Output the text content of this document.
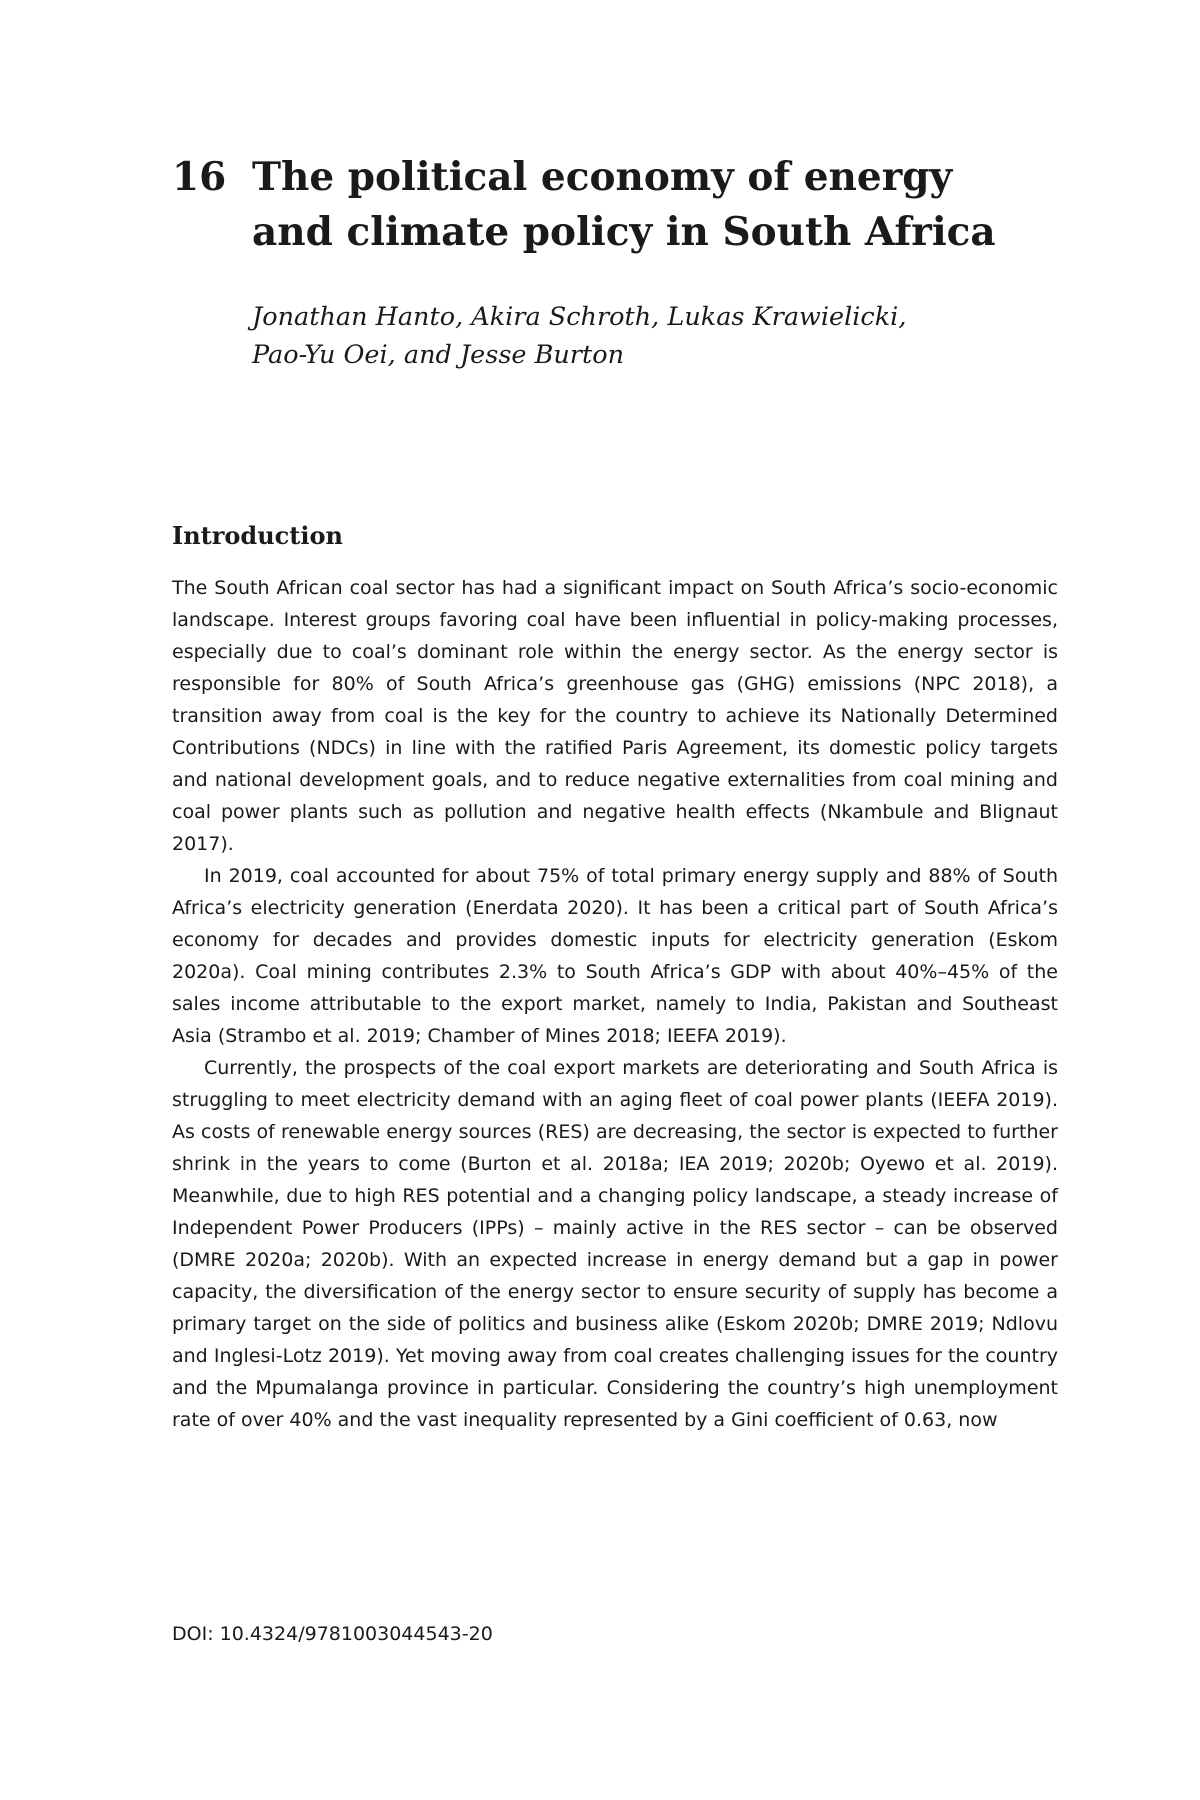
16 The political economy of energy
and climate policy in South Africa
Jonathan Hanto, Akira Schroth, Lukas Krawielicki,
Pao-Yu Oei, and Jesse Burton
Introduction

The South African coal sector has had a significant impact on South Africa’s socio-economic landscape. Interest groups favoring coal have been influential in policy-making processes, especially due to coal’s dominant role within the energy sector. As the energy sector is responsible for 80% of South Africa’s greenhouse gas (GHG) emissions (NPC 2018), a transition away from coal is the key for the country to achieve its Nationally Determined Contributions (NDCs) in line with the ratified Paris Agreement, its domestic policy targets and national development goals, and to reduce negative externalities from coal mining and coal power plants such as pollution and negative health effects (Nkambule and Blignaut 2017).

In 2019, coal accounted for about 75% of total primary energy supply and 88% of South Africa’s electricity generation (Enerdata 2020). It has been a critical part of South Africa’s economy for decades and provides domestic inputs for electricity generation (Eskom 2020a). Coal mining contributes 2.3% to South Africa’s GDP with about 40%–45% of the sales income attributable to the export market, namely to India, Pakistan and Southeast Asia (Strambo et al. 2019; Chamber of Mines 2018; IEEFA 2019).

Currently, the prospects of the coal export markets are deteriorating and South Africa is struggling to meet electricity demand with an aging fleet of coal power plants (IEEFA 2019). As costs of renewable energy sources (RES) are decreasing, the sector is expected to further shrink in the years to come (Burton et al. 2018a; IEA 2019; 2020b; Oyewo et al. 2019). Meanwhile, due to high RES potential and a changing policy landscape, a steady increase of Independent Power Producers (IPPs) – mainly active in the RES sector – can be observed (DMRE 2020a; 2020b). With an expected increase in energy demand but a gap in power capacity, the diversification of the energy sector to ensure security of supply has become a primary target on the side of politics and business alike (Eskom 2020b; DMRE 2019; Ndlovu and Inglesi-Lotz 2019). Yet moving away from coal creates challenging issues for the country and the Mpumalanga province in particular. Considering the country’s high unemployment rate of over 40% and the vast inequality represented by a Gini coefficient of 0.63, now

DOI: 10.4324/9781003044543-20
